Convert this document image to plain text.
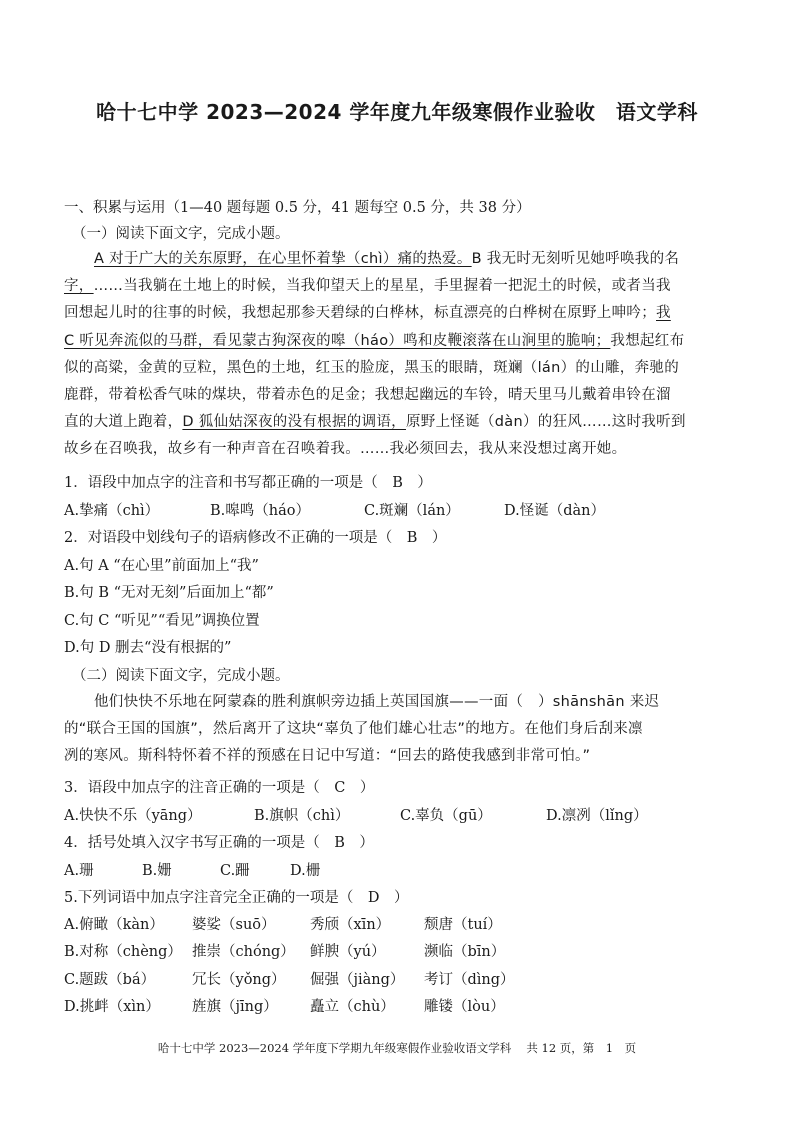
哈十七中学 2023—2024 学年度九年级寒假作业验收　语文学科
一、积累与运用（1—40 题每题 0.5 分，41 题每空 0.5 分，共 38 分）
（一）阅读下面文字，完成小题。

A 对于广大的关东原野，在心里怀着挚（chì）痛的热爱。B 我无时无刻听见她呼唤我的名

字，……当我躺在土地上的时候，当我仰望天上的星星，手里握着一把泥土的时候，或者当我

回想起儿时的往事的时候，我想起那参天碧绿的白桦林，标直漂亮的白桦树在原野上呻吟；我

C 听见奔流似的马群，看见蒙古狗深夜的嗥（háo）鸣和皮鞭滚落在山涧里的脆响；我想起红布

似的高粱，金黄的豆粒，黑色的土地，红玉的脸庞，黑玉的眼睛，斑斓（lán）的山雕，奔驰的

鹿群，带着松香气味的煤块，带着赤色的足金；我想起幽远的车铃，晴天里马儿戴着串铃在溜

直的大道上跑着，D 狐仙姑深夜的没有根据的调语，原野上怪诞（dàn）的狂风……这时我听到

故乡在召唤我，故乡有一种声音在召唤着我。……我必须回去，我从来没想过离开她。

1．语段中加点字的注音和书写都正确的一项是（　B　）
A.挚痛（chì）	B.嗥鸣（háo）	C.斑斓（lán）	D.怪诞（dàn）
2．对语段中划线句子的语病修改不正确的一项是（　B　）
A.句 A “在心里”前面加上“我”
B.句 B “无对无刻”后面加上“都”
C.句 C “听见”“看见”调换位置
D.句 D 删去“没有根据的”
（二）阅读下面文字，完成小题。

他们快快不乐地在阿蒙森的胜利旗帜旁边插上英国国旗——一面（　）shānshān 来迟

的“联合王国的国旗”，然后离开了这块“辜负了他们雄心壮志”的地方。在他们身后刮来凛

冽的寒风。斯科特怀着不祥的预感在日记中写道：“回去的路使我感到非常可怕。”

3．语段中加点字的注音正确的一项是（　C　）
A.快快不乐（yāng）	B.旗帜（chì）	C.辜负（gū）	D.凛冽（lǐng）
4．括号处填入汉字书写正确的一项是（　B　）
A.珊	B.姗	C.跚	D.栅
5.下列词语中加点字注音完全正确的一项是（　D　）
A.俯瞰（kàn） 婆娑（suō） 秀颀（xīn） 颓唐（tuí）
B.对称（chèng） 推崇（chóng） 鲜腴（yú）	濒临（bīn）
C.题跋（bá）	冗长（yǒng） 倔强（jiàng） 考订（dìng）
D.挑衅（xìn） 旌旗（jīng） 矗立（chù） 雕镂（lòu）
哈十七中学 2023—2024 学年度下学期九年级寒假作业验收语文学科　 共 12 页，第　1　页
